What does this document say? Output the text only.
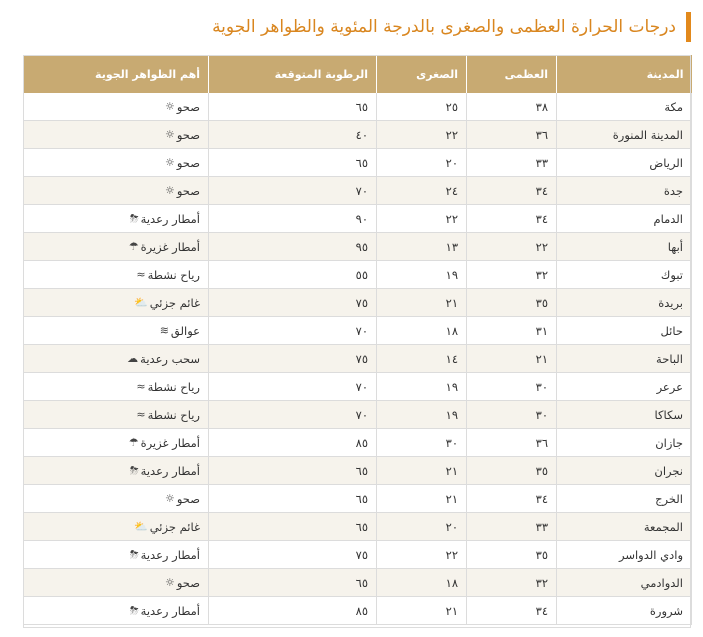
درجات الحرارة العظمى والصغرى بالدرجة المئوية والظواهر الجوية
المدينة	العظمى	الصغرى	الرطوبة المتوقعة	أهم الظواهر الجوية
مكة	٣٨	٢٥	٦٥	صحو
☼

المدينة المنورة	٣٦	٢٢	٤٠	صحو
☼

الرياض	٣٣	٢٠	٦٥	صحو
☼

جدة	٣٤	٢٤	٧٠	صحو
☼

الدمام	٣٤	٢٢	٩٠	أمطار رعدية
⛈

أبها	٢٢	١٣	٩٥	أمطار غزيرة
☂

تبوك	٣٢	١٩	٥٥	رياح نشطة
≈

بريدة	٣٥	٢١	٧٥	غائم جزئي
⛅

حائل	٣١	١٨	٧٠	عوالق
≋

الباحة	٢١	١٤	٧٥	سحب رعدية
☁

عرعر	٣٠	١٩	٧٠	رياح نشطة
≈

سكاكا	٣٠	١٩	٧٠	رياح نشطة
≈

جازان	٣٦	٣٠	٨٥	أمطار غزيرة
☂

نجران	٣٥	٢١	٦٥	أمطار رعدية
⛈

الخرج	٣٤	٢١	٦٥	صحو
☼

المجمعة	٣٣	٢٠	٦٥	غائم جزئي
⛅

وادي الدواسر	٣٥	٢٢	٧٥	أمطار رعدية
⛈

الدوادمي	٣٢	١٨	٦٥	صحو
☼

شرورة	٣٤	٢١	٨٥	أمطار رعدية
⛈
